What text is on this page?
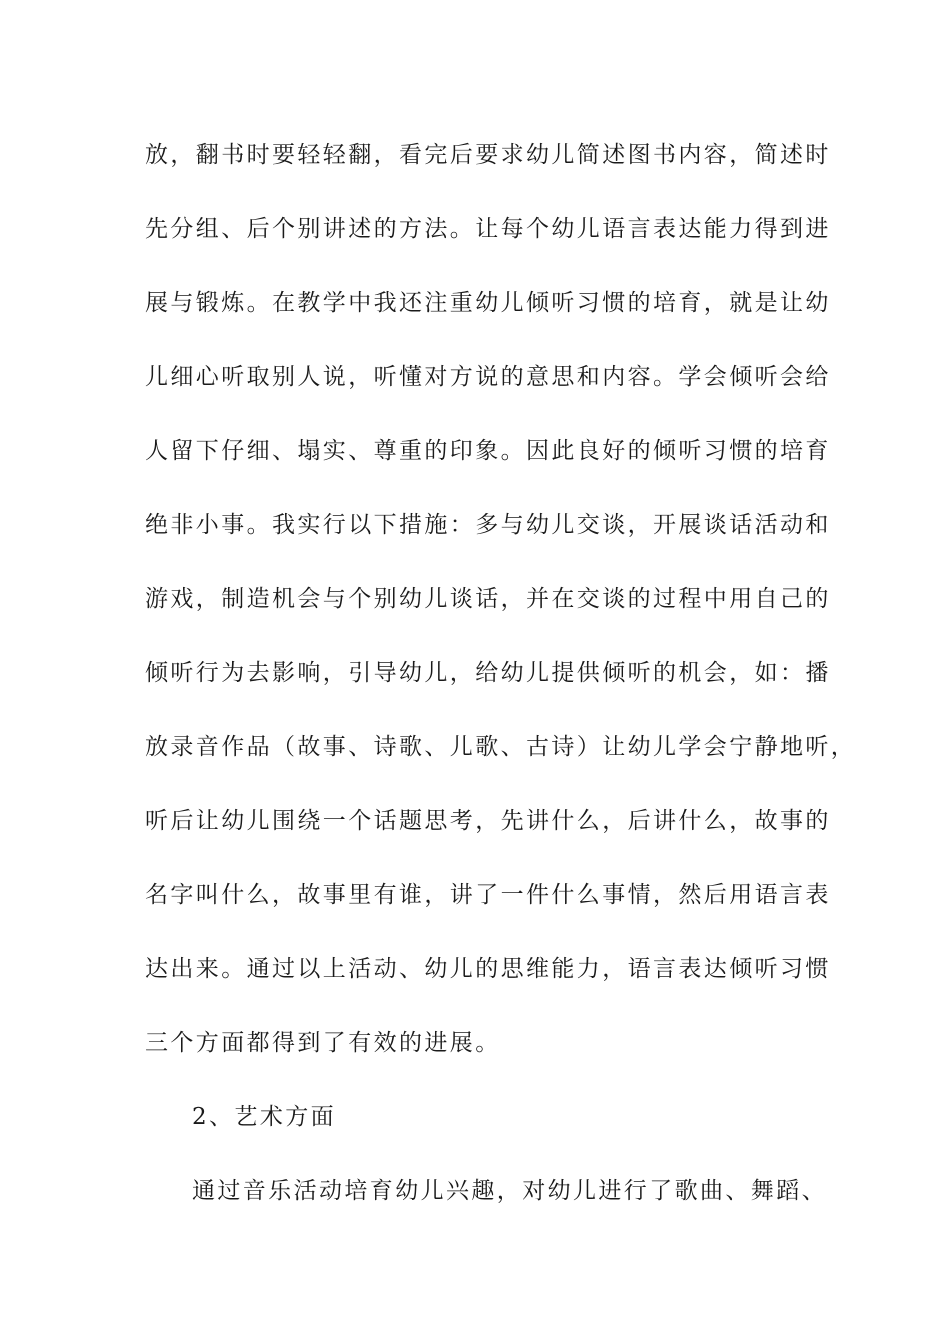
放，翻书时要轻轻翻，看完后要求幼儿简述图书内容，简述时

先分组、后个别讲述的方法。让每个幼儿语言表达能力得到进

展与锻炼。在教学中我还注重幼儿倾听习惯的培育，就是让幼

儿细心听取别人说，听懂对方说的意思和内容。学会倾听会给

人留下仔细、塌实、尊重的印象。因此良好的倾听习惯的培育

绝非小事。我实行以下措施：多与幼儿交谈，开展谈话活动和

游戏，制造机会与个别幼儿谈话，并在交谈的过程中用自己的

倾听行为去影响，引导幼儿，给幼儿提供倾听的机会，如：播

放录音作品（故事、诗歌、儿歌、古诗）让幼儿学会宁静地听，

听后让幼儿围绕一个话题思考，先讲什么，后讲什么，故事的

名字叫什么，故事里有谁，讲了一件什么事情，然后用语言表

达出来。通过以上活动、幼儿的思维能力，语言表达倾听习惯

三个方面都得到了有效的进展。

2、艺术方面

通过音乐活动培育幼儿兴趣，对幼儿进行了歌曲、舞蹈、
